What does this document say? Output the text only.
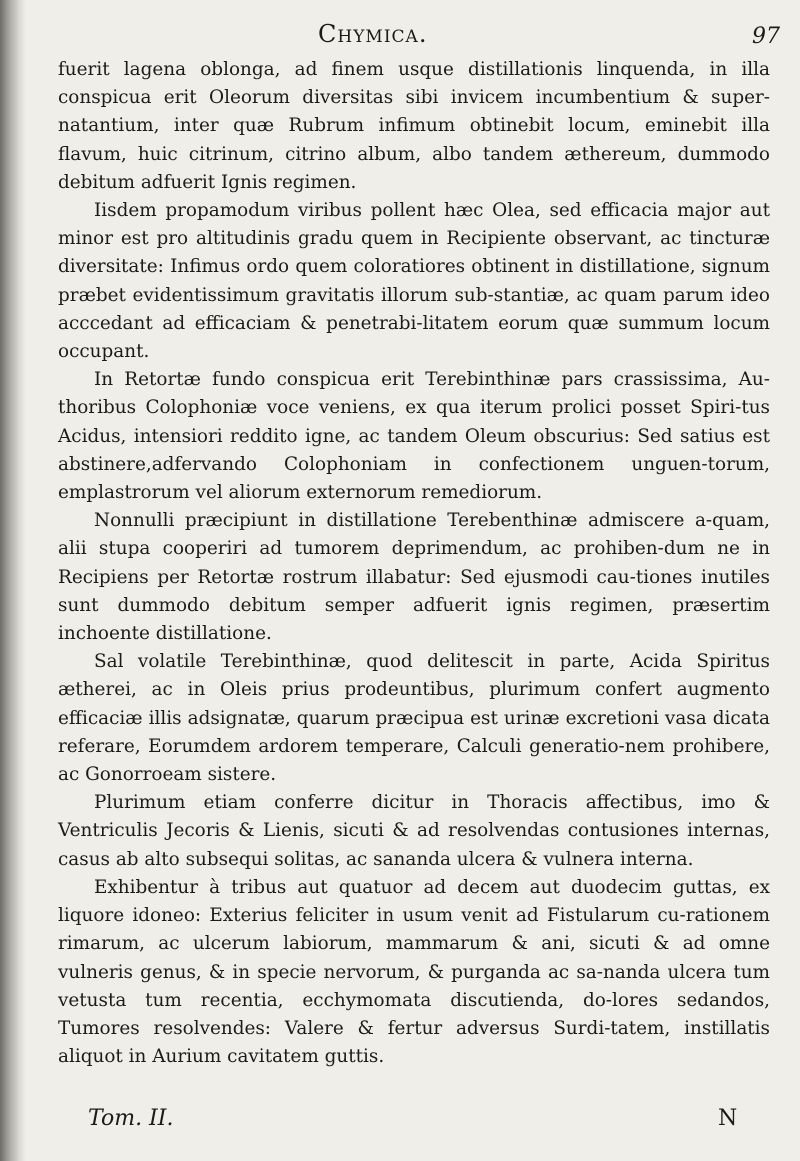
Chymica.	97

fuerit lagena oblonga, ad finem usque distillationis linquenda, in illa conspicua erit Oleorum diversitas sibi invicem incumbentium & super-natantium, inter quæ Rubrum infimum obtinebit locum, eminebit illa flavum, huic citrinum, citrino album, albo tandem æthereum, dummodo debitum adfuerit Ignis regimen.

Iisdem propamodum viribus pollent hæc Olea, sed efficacia major aut minor est pro altitudinis gradu quem in Recipiente observant, ac tincturæ diversitate: Infimus ordo quem coloratiores obtinent in distillatione, signum præbet evidentissimum gravitatis illorum sub-stantiæ, ac quam parum ideo acccedant ad efficaciam & penetrabi-litatem eorum quæ summum locum occupant.

In Retortæ fundo conspicua erit Terebinthinæ pars crassissima, Au-thoribus Colophoniæ voce veniens, ex qua iterum prolici posset Spiri-tus Acidus, intensiori reddito igne, ac tandem Oleum obscurius: Sed satius est abstinere,adfervando Colophoniam in confectionem unguen-torum, emplastrorum vel aliorum externorum remediorum.

Nonnulli præcipiunt in distillatione Terebenthinæ admiscere a-quam, alii stupa cooperiri ad tumorem deprimendum, ac prohiben-dum ne in Recipiens per Retortæ rostrum illabatur: Sed ejusmodi cau-tiones inutiles sunt dummodo debitum semper adfuerit ignis regimen, præsertim inchoente distillatione.

Sal volatile Terebinthinæ, quod delitescit in parte, Acida Spiritus ætherei, ac in Oleis prius prodeuntibus, plurimum confert augmento efficaciæ illis adsignatæ, quarum præcipua est urinæ excretioni vasa dicata referare, Eorumdem ardorem temperare, Calculi generatio-nem prohibere, ac Gonorroeam sistere.

Plurimum etiam conferre dicitur in Thoracis affectibus, imo & Ventriculis Jecoris & Lienis, sicuti & ad resolvendas contusiones internas, casus ab alto subsequi solitas, ac sananda ulcera & vulnera interna.

Exhibentur à tribus aut quatuor ad decem aut duodecim guttas, ex liquore idoneo: Exterius feliciter in usum venit ad Fistularum cu-rationem rimarum, ac ulcerum labiorum, mammarum & ani, sicuti & ad omne vulneris genus, & in specie nervorum, & purganda ac sa-nanda ulcera tum vetusta tum recentia, ecchymomata discutienda, do-lores sedandos, Tumores resolvendes: Valere & fertur adversus Surdi-tatem, instillatis aliquot in Aurium cavitatem guttis.

Tom. II.	N
